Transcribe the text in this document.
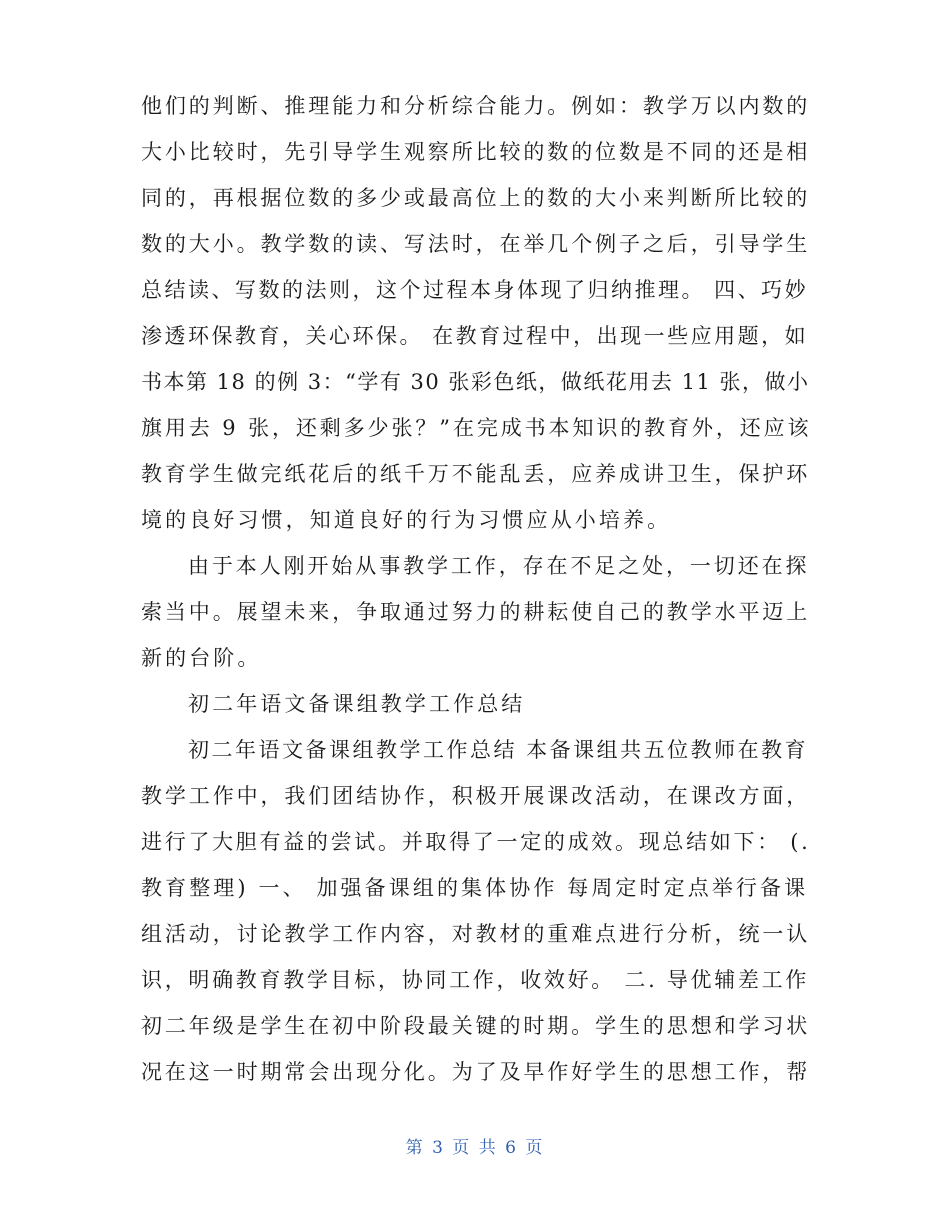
他们的判断、推理能力和分析综合能力。例如：教学万以内数的
大小比较时，先引导学生观察所比较的数的位数是不同的还是相
同的，再根据位数的多少或最高位上的数的大小来判断所比较的
数的大小。教学数的读、写法时，在举几个例子之后，引导学生
总结读、写数的法则，这个过程本身体现了归纳推理。 四、巧妙
渗透环保教育，关心环保。 在教育过程中，出现一些应用题，如
书本第 18 的例 3：“学有 30 张彩色纸，做纸花用去 11 张，做小
旗用去 9 张，还剩多少张？”在完成书本知识的教育外，还应该
教育学生做完纸花后的纸千万不能乱丢，应养成讲卫生，保护环
境的良好习惯，知道良好的行为习惯应从小培养。
由于本人刚开始从事教学工作，存在不足之处，一切还在探
索当中。展望未来，争取通过努力的耕耘使自己的教学水平迈上
新的台阶。
初二年语文备课组教学工作总结
初二年语文备课组教学工作总结 本备课组共五位教师在教育
教学工作中，我们团结协作，积极开展课改活动，在课改方面，
进行了大胆有益的尝试。并取得了一定的成效。现总结如下： (.
教育整理) 一、 加强备课组的集体协作 每周定时定点举行备课
组活动，讨论教学工作内容，对教材的重难点进行分析，统一认
识，明确教育教学目标，协同工作，收效好。 二. 导优辅差工作
初二年级是学生在初中阶段最关键的时期。学生的思想和学习状
况在这一时期常会出现分化。为了及早作好学生的思想工作，帮
第 3 页 共 6 页
